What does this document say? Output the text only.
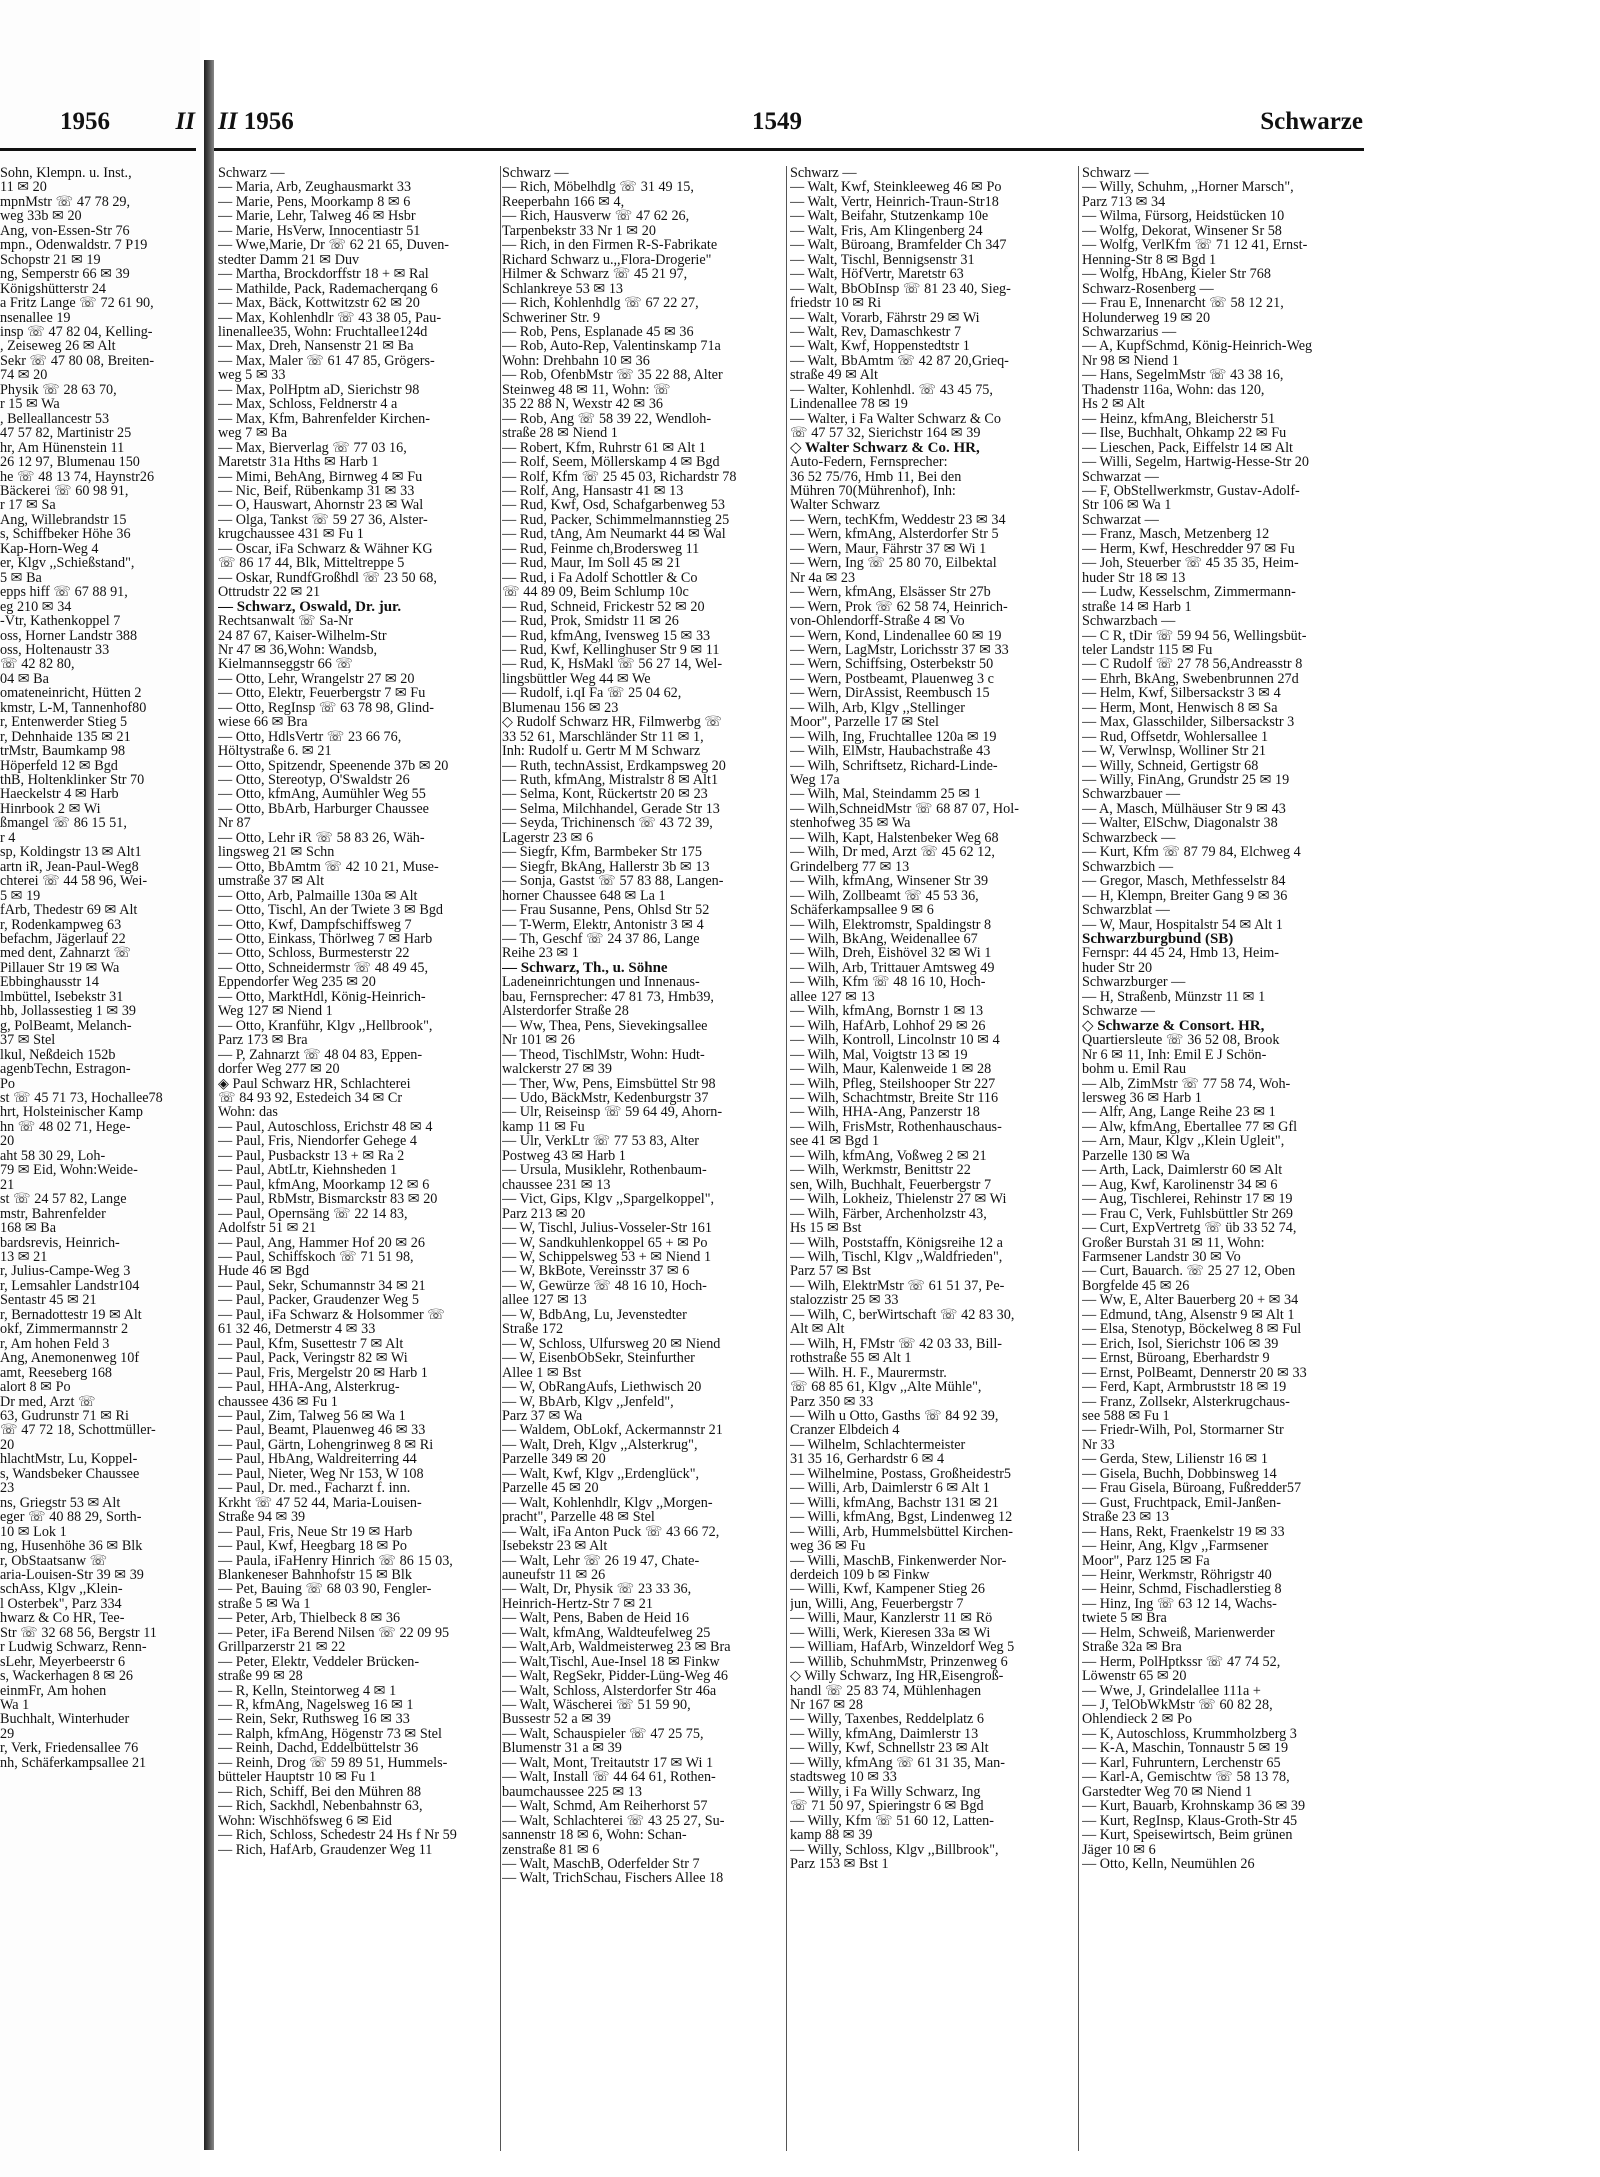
1956	II II 1956	1549	Schwarze
Sohn, Klempn. u. Inst.,
11 ✉ 20
mpnMstr ☏ 47 78 29,
weg 33b ✉ 20
Ang, von-Essen-Str 76
mpn., Odenwaldstr. 7 P19
Schopstr 21 ✉ 19
ng, Semperstr 66 ✉ 39
Königshütterstr 24
a Fritz Lange ☏ 72 61 90,
nsenallee 19
insp ☏ 47 82 04, Kelling-
, Zeiseweg 26 ✉ Alt
Sekr ☏ 47 80 08, Breiten-
74 ✉ 20
Physik ☏ 28 63 70,
r 15 ✉ Wa
, Belleallancestr 53
47 57 82, Martinistr 25
hr, Am Hünenstein 11
26 12 97, Blumenau 150
he ☏ 48 13 74, Haynstr26
Bäckerei ☏ 60 98 91,
r 17 ✉ Sa
Ang, Willebrandstr 15
s, Schiffbeker Höhe 36
Kap-Horn-Weg 4
er, Klgv ,,Schießstand",
5 ✉ Ba
epps hiff ☏ 67 88 91,
eg 210 ✉ 34
-Vtr, Kathenkoppel 7
oss, Horner Landstr 388
oss, Holtenaustr 33
☏ 42 82 80,
04 ✉ Ba
omateneinricht, Hütten 2
kmstr, L-M, Tannenhof80
r, Entenwerder Stieg 5
r, Dehnhaide 135 ✉ 21
trMstr, Baumkamp 98
Höperfeld 12 ✉ Bgd
thB, Holtenklinker Str 70
Haeckelstr 4 ✉ Harb
Hinrbook 2 ✉ Wi
ßmangel ☏ 86 15 51,
r 4
sp, Koldingstr 13 ✉ Alt1
artn iR, Jean-Paul-Weg8
chterei ☏ 44 58 96, Wei-
5 ✉ 19
fArb, Thedestr 69 ✉ Alt
r, Rodenkampweg 63
befachm, Jägerlauf 22
med dent, Zahnarzt ☏
Pillauer Str 19 ✉ Wa
Ebbinghausstr 14
lmbüttel, Isebekstr 31
hb, Jollassestieg 1 ✉ 39
g, PolBeamt, Melanch-
37 ✉ Stel
lkul, Neßdeich 152b
agenbTechn, Estragon-
Po
st ☏ 45 71 73, Hochallee78
hrt, Holsteinischer Kamp
hn ☏ 48 02 71, Hege-
20
aht 58 30 29, Loh-
79 ✉ Eid, Wohn:Weide-
21
st ☏ 24 57 82, Lange
mstr, Bahrenfelder
168 ✉ Ba
bardsrevis, Heinrich-
13 ✉ 21
r, Julius-Campe-Weg 3
r, Lemsahler Landstr104
Sentastr 45 ✉ 21
r, Bernadottestr 19 ✉ Alt
okf, Zimmermannstr 2
r, Am hohen Feld 3
Ang, Anemonenweg 10f
amt, Reeseberg 168
alort 8 ✉ Po
Dr med, Arzt ☏
63, Gudrunstr 71 ✉ Ri
☏ 47 72 18, Schottmüller-
20
hlachtMstr, Lu, Koppel-
s, Wandsbeker Chaussee
23
ns, Griegstr 53 ✉ Alt
eger ☏ 40 88 29, Sorth-
10 ✉ Lok 1
ng, Husenhöhe 36 ✉ Blk
r, ObStaatsanw ☏
aria-Louisen-Str 39 ✉ 39
schAss, Klgv ,,Klein-
l Osterbek", Parz 334
hwarz & Co HR, Tee-
Str ☏ 32 68 56, Bergstr 11
r Ludwig Schwarz, Renn-
sLehr, Meyerbeerstr 6
s, Wackerhagen 8 ✉ 26
einmFr, Am hohen
Wa 1
Buchhalt, Winterhuder
29
r, Verk, Friedensallee 76
nh, Schäferkampsallee 21
Schwarz —
— Maria, Arb, Zeughausmarkt 33
— Marie, Pens, Moorkamp 8 ✉ 6
— Marie, Lehr, Talweg 46 ✉ Hsbr
— Marie, HsVerw, Innocentiastr 51
— Wwe,Marie, Dr ☏ 62 21 65, Duven-
stedter Damm 21 ✉ Duv
— Martha, Brockdorffstr 18 + ✉ Ral
— Mathilde, Pack, Rademacherqang 6
— Max, Bäck, Kottwitzstr 62 ✉ 20
— Max, Kohlenhdlr ☏ 43 38 05, Pau-
linenallee35, Wohn: Fruchtallee124d
— Max, Dreh, Nansenstr 21 ✉ Ba
— Max, Maler ☏ 61 47 85, Grögers-
weg 5 ✉ 33
— Max, PolHptm aD, Sierichstr 98
— Max, Schloss, Feldnerstr 4 a
— Max, Kfm, Bahrenfelder Kirchen-
weg 7 ✉ Ba
— Max, Bierverlag ☏ 77 03 16,
Maretstr 31a Hths ✉ Harb 1
— Mimi, BehAng, Birnweg 4 ✉ Fu
— Nic, Beif, Rübenkamp 31 ✉ 33
— O, Hauswart, Ahornstr 23 ✉ Wal
— Olga, Tankst ☏ 59 27 36, Alster-
krugchaussee 431 ✉ Fu 1
— Oscar, iFa Schwarz & Wähner KG
☏ 86 17 44, Blk, Mitteltreppe 5
— Oskar, RundfGroßhdl ☏ 23 50 68,
Ottrudstr 22 ✉ 21
— Schwarz, Oswald, Dr. jur.
Rechtsanwalt ☏ Sa-Nr
24 87 67, Kaiser-Wilhelm-Str
Nr 47 ✉ 36,Wohn: Wandsb,
Kielmannseggstr 66 ☏
— Otto, Lehr, Wrangelstr 27 ✉ 20
— Otto, Elektr, Feuerbergstr 7 ✉ Fu
— Otto, RegInsp ☏ 63 78 98, Glind-
wiese 66 ✉ Bra
— Otto, HdlsVertr ☏ 23 66 76,
Höltystraße 6. ✉ 21
— Otto, Spitzendr, Speenende 37b ✉ 20
— Otto, Stereotyp, O'Swaldstr 26
— Otto, kfmAng, Aumühler Weg 55
— Otto, BbArb, Harburger Chaussee
Nr 87
— Otto, Lehr iR ☏ 58 83 26, Wäh-
lingsweg 21 ✉ Schn
— Otto, BbAmtm ☏ 42 10 21, Muse-
umstraße 37 ✉ Alt
— Otto, Arb, Palmaille 130a ✉ Alt
— Otto, Tischl, An der Twiete 3 ✉ Bgd
— Otto, Kwf, Dampfschiffsweg 7
— Otto, Einkass, Thörlweg 7 ✉ Harb
— Otto, Schloss, Burmesterstr 22
— Otto, Schneidermstr ☏ 48 49 45,
Eppendorfer Weg 235 ✉ 20
— Otto, MarktHdl, König-Heinrich-
Weg 127 ✉ Niend 1
— Otto, Kranführ, Klgv ,,Hellbrook",
Parz 173 ✉ Bra
— P, Zahnarzt ☏ 48 04 83, Eppen-
dorfer Weg 277 ✉ 20
◈ Paul Schwarz HR, Schlachterei
☏ 84 93 92, Estedeich 34 ✉ Cr
Wohn: das
— Paul, Autoschloss, Erichstr 48 ✉ 4
— Paul, Fris, Niendorfer Gehege 4
— Paul, Pusbackstr 13 + ✉ Ra 2
— Paul, AbtLtr, Kiehnsheden 1
— Paul, kfmAng, Moorkamp 12 ✉ 6
— Paul, RbMstr, Bismarckstr 83 ✉ 20
— Paul, Opernsäng ☏ 22 14 83,
Adolfstr 51 ✉ 21
— Paul, Ang, Hammer Hof 20 ✉ 26
— Paul, Schiffskoch ☏ 71 51 98,
Hude 46 ✉ Bgd
— Paul, Sekr, Schumannstr 34 ✉ 21
— Paul, Packer, Graudenzer Weg 5
— Paul, iFa Schwarz & Holsommer ☏
61 32 46, Detmerstr 4 ✉ 33
— Paul, Kfm, Susettestr 7 ✉ Alt
— Paul, Pack, Veringstr 82 ✉ Wi
— Paul, Fris, Mergelstr 20 ✉ Harb 1
— Paul, HHA-Ang, Alsterkrug-
chaussee 436 ✉ Fu 1
— Paul, Zim, Talweg 56 ✉ Wa 1
— Paul, Beamt, Plauenweg 46 ✉ 33
— Paul, Gärtn, Lohengrinweg 8 ✉ Ri
— Paul, HbAng, Waldreiterring 44
— Paul, Nieter, Weg Nr 153, W 108
— Paul, Dr. med., Facharzt f. inn.
Krkht ☏ 47 52 44, Maria-Louisen-
Straße 94 ✉ 39
— Paul, Fris, Neue Str 19 ✉ Harb
— Paul, Kwf, Heegbarg 18 ✉ Po
— Paula, iFaHenry Hinrich ☏ 86 15 03,
Blankeneser Bahnhofstr 15 ✉ Blk
— Pet, Bauing ☏ 68 03 90, Fengler-
straße 5 ✉ Wa 1
— Peter, Arb, Thielbeck 8 ✉ 36
— Peter, iFa Berend Nilsen ☏ 22 09 95
Grillparzerstr 21 ✉ 22
— Peter, Elektr, Veddeler Brücken-
straße 99 ✉ 28
— R, Kelln, Steintorweg 4 ✉ 1
— R, kfmAng, Nagelsweg 16 ✉ 1
— Rein, Sekr, Ruthsweg 16 ✉ 33
— Ralph, kfmAng, Högenstr 73 ✉ Stel
— Reinh, Dachd, Eddelbüttelstr 36
— Reinh, Drog ☏ 59 89 51, Hummels-
bütteler Hauptstr 10 ✉ Fu 1
— Rich, Schiff, Bei den Mühren 88
— Rich, Sackhdl, Nebenbahnstr 63,
Wohn: Wischhöfsweg 6 ✉ Eid
— Rich, Schloss, Schedestr 24 Hs f Nr 59
— Rich, HafArb, Graudenzer Weg 11
Schwarz —
— Rich, Möbelhdlg ☏ 31 49 15,
Reeperbahn 166 ✉ 4,
— Rich, Hausverw ☏ 47 62 26,
Tarpenbekstr 33 Nr 1 ✉ 20
— Rich, in den Firmen R-S-Fabrikate
Richard Schwarz u.,,Flora-Drogerie"
Hilmer & Schwarz ☏ 45 21 97,
Schlankreye 53 ✉ 13
— Rich, Kohlenhdlg ☏ 67 22 27,
Schweriner Str. 9
— Rob, Pens, Esplanade 45 ✉ 36
— Rob, Auto-Rep, Valentinskamp 71a
Wohn: Drehbahn 10 ✉ 36
— Rob, OfenbMstr ☏ 35 22 88, Alter
Steinweg 48 ✉ 11, Wohn: ☏
35 22 88 N, Wexstr 42 ✉ 36
— Rob, Ang ☏ 58 39 22, Wendloh-
straße 28 ✉ Niend 1
— Robert, Kfm, Ruhrstr 61 ✉ Alt 1
— Rolf, Seem, Möllerskamp 4 ✉ Bgd
— Rolf, Kfm ☏ 25 45 03, Richardstr 78
— Rolf, Ang, Hansastr 41 ✉ 13
— Rud, Kwf, Osd, Schafgarbenweg 53
— Rud, Packer, Schimmelmannstieg 25
— Rud, tAng, Am Neumarkt 44 ✉ Wal
— Rud, Feinme ch,Brodersweg 11
— Rud, Maur, Im Soll 45 ✉ 21
— Rud, i Fa Adolf Schottler & Co
☏ 44 89 09, Beim Schlump 10c
— Rud, Schneid, Frickestr 52 ✉ 20
— Rud, Prok, Smidstr 11 ✉ 26
— Rud, kfmAng, Ivensweg 15 ✉ 33
— Rud, Kwf, Kellinghuser Str 9 ✉ 11
— Rud, K, HsMakl ☏ 56 27 14, Wel-
lingsbüttler Weg 44 ✉ We
— Rudolf, i.qI Fa ☏ 25 04 62,
Blumenau 156 ✉ 23
◇ Rudolf Schwarz HR, Filmwerbg ☏
33 52 61, Marschländer Str 11 ✉ 1,
Inh: Rudolf u. Gertr M M Schwarz
— Ruth, technAssist, Erdkampsweg 20
— Ruth, kfmAng, Mistralstr 8 ✉ Alt1
— Selma, Kont, Rückertstr 20 ✉ 23
— Selma, Milchhandel, Gerade Str 13
— Seyda, Trichinensch ☏ 43 72 39,
Lagerstr 23 ✉ 6
— Siegfr, Kfm, Barmbeker Str 175
— Siegfr, BkAng, Hallerstr 3b ✉ 13
— Sonja, Gastst ☏ 57 83 88, Langen-
horner Chaussee 648 ✉ La 1
— Frau Susanne, Pens, Ohlsd Str 52
— T-Werm, Elektr, Antonistr 3 ✉ 4
— Th, Geschf ☏ 24 37 86, Lange
Reihe 23 ✉ 1
— Schwarz, Th., u. Söhne
Ladeneinrichtungen und Innenaus-
bau, Fernsprecher: 47 81 73, Hmb39,
Alsterdorfer Straße 28
— Ww, Thea, Pens, Sievekingsallee
Nr 101 ✉ 26
— Theod, TischlMstr, Wohn: Hudt-
walckerstr 27 ✉ 39
— Ther, Ww, Pens, Eimsbüttel Str 98
— Udo, BäckMstr, Kedenburgstr 37
— Ulr, Reiseinsp ☏ 59 64 49, Ahorn-
kamp 11 ✉ Fu
— Ulr, VerkLtr ☏ 77 53 83, Alter
Postweg 43 ✉ Harb 1
— Ursula, Musiklehr, Rothenbaum-
chaussee 231 ✉ 13
— Vict, Gips, Klgv ,,Spargelkoppel",
Parz 213 ✉ 20
— W, Tischl, Julius-Vosseler-Str 161
— W, Sandkuhlenkoppel 65 + ✉ Po
— W, Schippelsweg 53 + ✉ Niend 1
— W, BkBote, Vereinsstr 37 ✉ 6
— W, Gewürze ☏ 48 16 10, Hoch-
allee 127 ✉ 13
— W, BdbAng, Lu, Jevenstedter
Straße 172
— W, Schloss, Ulfursweg 20 ✉ Niend
— W, EisenbObSekr, Steinfurther
Allee 1 ✉ Bst
— W, ObRangAufs, Liethwisch 20
— W, BbArb, Klgv ,,Jenfeld",
Parz 37 ✉ Wa
— Waldem, ObLokf, Ackermannstr 21
— Walt, Dreh, Klgv ,,Alsterkrug",
Parzelle 349 ✉ 20
— Walt, Kwf, Klgv ,,Erdenglück",
Parzelle 45 ✉ 20
— Walt, Kohlenhdlr, Klgv ,,Morgen-
pracht", Parzelle 48 ✉ Stel
— Walt, iFa Anton Puck ☏ 43 66 72,
Isebekstr 23 ✉ Alt
— Walt, Lehr ☏ 26 19 47, Chate-
auneufstr 11 ✉ 26
— Walt, Dr, Physik ☏ 23 33 36,
Heinrich-Hertz-Str 7 ✉ 21
— Walt, Pens, Baben de Heid 16
— Walt, kfmAng, Waldteufelweg 25
— Walt,Arb, Waldmeisterweg 23 ✉ Bra
— Walt,Tischl, Aue-Insel 18 ✉ Finkw
— Walt, RegSekr, Pidder-Lüng-Weg 46
— Walt, Schloss, Alsterdorfer Str 46a
— Walt, Wäscherei ☏ 51 59 90,
Bussestr 52 a ✉ 39
— Walt, Schauspieler ☏ 47 25 75,
Blumenstr 31 a ✉ 39
— Walt, Mont, Treitautstr 17 ✉ Wi 1
— Walt, Install ☏ 44 64 61, Rothen-
baumchaussee 225 ✉ 13
— Walt, Schmd, Am Reiherhorst 57
— Walt, Schlachterei ☏ 43 25 27, Su-
sannenstr 18 ✉ 6, Wohn: Schan-
zenstraße 81 ✉ 6
— Walt, MaschB, Oderfelder Str 7
— Walt, TrichSchau, Fischers Allee 18
Schwarz —
— Walt, Kwf, Steinkleeweg 46 ✉ Po
— Walt, Vertr, Heinrich-Traun-Str18
— Walt, Beifahr, Stutzenkamp 10e
— Walt, Fris, Am Klingenberg 24
— Walt, Büroang, Bramfelder Ch 347
— Walt, Tischl, Bennigsenstr 31
— Walt, HöfVertr, Maretstr 63
— Walt, BbObInsp ☏ 81 23 40, Sieg-
friedstr 10 ✉ Ri
— Walt, Vorarb, Fährstr 29 ✉ Wi
— Walt, Rev, Damaschkestr 7
— Walt, Kwf, Hoppenstedtstr 1
— Walt, BbAmtm ☏ 42 87 20,Grieq-
straße 49 ✉ Alt
— Walter, Kohlenhdl. ☏ 43 45 75,
Lindenallee 78 ✉ 19
— Walter, i Fa Walter Schwarz & Co
☏ 47 57 32, Sierichstr 164 ✉ 39
◇ Walter Schwarz & Co. HR,
Auto-Federn, Fernsprecher:
36 52 75/76, Hmb 11, Bei den
Mühren 70(Mührenhof), Inh:
Walter Schwarz
— Wern, techKfm, Weddestr 23 ✉ 34
— Wern, kfmAng, Alsterdorfer Str 5
— Wern, Maur, Fährstr 37 ✉ Wi 1
— Wern, Ing ☏ 25 80 70, Eilbektal
Nr 4a ✉ 23
— Wern, kfmAng, Elsässer Str 27b
— Wern, Prok ☏ 62 58 74, Heinrich-
von-Ohlendorff-Straße 4 ✉ Vo
— Wern, Kond, Lindenallee 60 ✉ 19
— Wern, LagMstr, Lorichsstr 37 ✉ 33
— Wern, Schiffsing, Osterbekstr 50
— Wern, Postbeamt, Plauenweg 3 c
— Wern, DirAssist, Reembusch 15
— Wilh, Arb, Klgv ,,Stellinger
Moor", Parzelle 17 ✉ Stel
— Wilh, Ing, Fruchtallee 120a ✉ 19
— Wilh, ElMstr, Haubachstraße 43
— Wilh, Schriftsetz, Richard-Linde-
Weg 17a
— Wilh, Mal, Steindamm 25 ✉ 1
— Wilh,SchneidMstr ☏ 68 87 07, Hol-
stenhofweg 35 ✉ Wa
— Wilh, Kapt, Halstenbeker Weg 68
— Wilh, Dr med, Arzt ☏ 45 62 12,
Grindelberg 77 ✉ 13
— Wilh, kfmAng, Winsener Str 39
— Wilh, Zollbeamt ☏ 45 53 36,
Schäferkampsallee 9 ✉ 6
— Wilh, Elektromstr, Spaldingstr 8
— Wilh, BkAng, Weidenallee 67
— Wilh, Dreh, Eishövel 32 ✉ Wi 1
— Wilh, Arb, Trittauer Amtsweg 49
— Wilh, Kfm ☏ 48 16 10, Hoch-
allee 127 ✉ 13
— Wilh, kfmAng, Bornstr 1 ✉ 13
— Wilh, HafArb, Lohhof 29 ✉ 26
— Wilh, Kontroll, Lincolnstr 10 ✉ 4
— Wilh, Mal, Voigtstr 13 ✉ 19
— Wilh, Maur, Kalenweide 1 ✉ 28
— Wilh, Pfleg, Steilshooper Str 227
— Wilh, Schachtmstr, Breite Str 116
— Wilh, HHA-Ang, Panzerstr 18
— Wilh, FrisMstr, Rothenhauschaus-
see 41 ✉ Bgd 1
— Wilh, kfmAng, Voßweg 2 ✉ 21
— Wilh, Werkmstr, Benittstr 22
sen, Wilh, Buchhalt, Feuerbergstr 7
— Wilh, Lokheiz, Thielenstr 27 ✉ Wi
— Wilh, Färber, Archenholzstr 43,
Hs 15 ✉ Bst
— Wilh, Poststaffn, Königsreihe 12 a
— Wilh, Tischl, Klgv ,,Waldfrieden",
Parz 57 ✉ Bst
— Wilh, ElektrMstr ☏ 61 51 37, Pe-
stalozzistr 25 ✉ 33
— Wilh, C, berWirtschaft ☏ 42 83 30,
Alt ✉ Alt
— Wilh, H, FMstr ☏ 42 03 33, Bill-
rothstraße 55 ✉ Alt 1
— Wilh. H. F., Maurermstr.
☏ 68 85 61, Klgv ,,Alte Mühle",
Parz 350 ✉ 33
— Wilh u Otto, Gasths ☏ 84 92 39,
Cranzer Elbdeich 4
— Wilhelm, Schlachtermeister
31 35 16, Gerhardstr 6 ✉ 4
— Wilhelmine, Postass, Großheidestr5
— Willi, Arb, Daimlerstr 6 ✉ Alt 1
— Willi, kfmAng, Bachstr 131 ✉ 21
— Willi, kfmAng, Bgst, Lindenweg 12
— Willi, Arb, Hummelsbüttel Kirchen-
weg 36 ✉ Fu
— Willi, MaschB, Finkenwerder Nor-
derdeich 109 b ✉ Finkw
— Willi, Kwf, Kampener Stieg 26
jun, Willi, Ang, Feuerbergstr 7
— Willi, Maur, Kanzlerstr 11 ✉ Rö
— Willi, Werk, Kieresen 33a ✉ Wi
— William, HafArb, Winzeldorf Weg 5
— Willib, SchuhmMstr, Prinzenweg 6
◇ Willy Schwarz, Ing HR,Eisengroß-
handl ☏ 25 83 74, Mühlenhagen
Nr 167 ✉ 28
— Willy, Taxenbes, Reddelplatz 6
— Willy, kfmAng, Daimlerstr 13
— Willy, Kwf, Schnellstr 23 ✉ Alt
— Willy, kfmAng ☏ 61 31 35, Man-
stadtsweg 10 ✉ 33
— Willy, i Fa Willy Schwarz, Ing
☏ 71 50 97, Spieringstr 6 ✉ Bgd
— Willy, Kfm ☏ 51 60 12, Latten-
kamp 88 ✉ 39
— Willy, Schloss, Klgv ,,Billbrook",
Parz 153 ✉ Bst 1
Schwarz —
— Willy, Schuhm, ,,Horner Marsch",
Parz 713 ✉ 34
— Wilma, Fürsorg, Heidstücken 10
— Wolfg, Dekorat, Winsener Sr 58
— Wolfg, VerlKfm ☏ 71 12 41, Ernst-
Henning-Str 8 ✉ Bgd 1
— Wolfg, HbAng, Kieler Str 768
Schwarz-Rosenberg —
— Frau E, Innenarcht ☏ 58 12 21,
Holunderweg 19 ✉ 20
Schwarzarius —
— A, KupfSchmd, König-Heinrich-Weg
Nr 98 ✉ Niend 1
— Hans, SegelmMstr ☏ 43 38 16,
Thadenstr 116a, Wohn: das 120,
Hs 2 ✉ Alt
— Heinz, kfmAng, Bleicherstr 51
— Ilse, Buchhalt, Ohkamp 22 ✉ Fu
— Lieschen, Pack, Eiffelstr 14 ✉ Alt
— Willi, Segelm, Hartwig-Hesse-Str 20
Schwarzat —
— F, ObStellwerkmstr, Gustav-Adolf-
Str 106 ✉ Wa 1
Schwarzat —
— Franz, Masch, Metzenberg 12
— Herm, Kwf, Heschredder 97 ✉ Fu
— Joh, Steuerber ☏ 45 35 35, Heim-
huder Str 18 ✉ 13
— Ludw, Kesselschm, Zimmermann-
straße 14 ✉ Harb 1
Schwarzbach —
— C R, tDir ☏ 59 94 56, Wellingsbüt-
teler Landstr 115 ✉ Fu
— C Rudolf ☏ 27 78 56,Andreasstr 8
— Ehrh, BkAng, Swebenbrunnen 27d
— Helm, Kwf, Silbersackstr 3 ✉ 4
— Herm, Mont, Henwisch 8 ✉ Sa
— Max, Glasschilder, Silbersackstr 3
— Rud, Offsetdr, Wohlersallee 1
— W, Verwlnsp, Wolliner Str 21
— Willy, Schneid, Gertigstr 68
— Willy, FinAng, Grundstr 25 ✉ 19
Schwarzbauer —
— A, Masch, Mülhäuser Str 9 ✉ 43
— Walter, ElSchw, Diagonalstr 38
Schwarzbeck —
— Kurt, Kfm ☏ 87 79 84, Elchweg 4
Schwarzbich —
— Gregor, Masch, Methfesselstr 84
— H, Klempn, Breiter Gang 9 ✉ 36
Schwarzblat —
— W, Maur, Hospitalstr 54 ✉ Alt 1
Schwarzburgbund (SB)
Fernspr: 44 45 24, Hmb 13, Heim-
huder Str 20
Schwarzburger —
— H, Straßenb, Münzstr 11 ✉ 1
Schwarze —
◇ Schwarze & Consort. HR,
Quartiersleute ☏ 36 52 08, Brook
Nr 6 ✉ 11, Inh: Emil E J Schön-
bohm u. Emil Rau
— Alb, ZimMstr ☏ 77 58 74, Woh-
lersweg 36 ✉ Harb 1
— Alfr, Ang, Lange Reihe 23 ✉ 1
— Alw, kfmAng, Ebertallee 77 ✉ Gfl
— Arn, Maur, Klgv ,,Klein Ugleit",
Parzelle 130 ✉ Wa
— Arth, Lack, Daimlerstr 60 ✉ Alt
— Aug, Kwf, Karolinenstr 34 ✉ 6
— Aug, Tischlerei, Rehinstr 17 ✉ 19
— Frau C, Verk, Fuhlsbüttler Str 269
— Curt, ExpVertretg ☏ üb 33 52 74,
Großer Burstah 31 ✉ 11, Wohn:
Farmsener Landstr 30 ✉ Vo
— Curt, Bauarch. ☏ 25 27 12, Oben
Borgfelde 45 ✉ 26
— Ww, E, Alter Bauerberg 20 + ✉ 34
— Edmund, tAng, Alsenstr 9 ✉ Alt 1
— Elsa, Stenotyp, Böckelweg 8 ✉ Ful
— Erich, Isol, Sierichstr 106 ✉ 39
— Ernst, Büroang, Eberhardstr 9
— Ernst, PolBeamt, Dennerstr 20 ✉ 33
— Ferd, Kapt, Armbruststr 18 ✉ 19
— Franz, Zollsekr, Alsterkrugchaus-
see 588 ✉ Fu 1
— Friedr-Wilh, Pol, Stormarner Str
Nr 33
— Gerda, Stew, Lilienstr 16 ✉ 1
— Gisela, Buchh, Dobbinsweg 14
— Frau Gisela, Büroang, Fußredder57
— Gust, Fruchtpack, Emil-Janßen-
Straße 23 ✉ 13
— Hans, Rekt, Fraenkelstr 19 ✉ 33
— Heinr, Ang, Klgv ,,Farmsener
Moor", Parz 125 ✉ Fa
— Heinr, Werkmstr, Röhrigstr 40
— Heinr, Schmd, Fischadlerstieg 8
— Hinz, Ing ☏ 63 12 14, Wachs-
twiete 5 ✉ Bra
— Helm, Schweiß, Marienwerder
Straße 32a ✉ Bra
— Herm, PolHptkssr ☏ 47 74 52,
Löwenstr 65 ✉ 20
— Wwe, J, Grindelallee 111a +
— J, TelObWkMstr ☏ 60 82 28,
Ohlendieck 2 ✉ Po
— K, Autoschloss, Krummholzberg 3
— K-A, Maschin, Tonnaustr 5 ✉ 19
— Karl, Fuhruntern, Lerchenstr 65
— Karl-A, Gemischtw ☏ 58 13 78,
Garstedter Weg 70 ✉ Niend 1
— Kurt, Bauarb, Krohnskamp 36 ✉ 39
— Kurt, RegInsp, Klaus-Groth-Str 45
— Kurt, Speisewirtsch, Beim grünen
Jäger 10 ✉ 6
— Otto, Kelln, Neumühlen 26
